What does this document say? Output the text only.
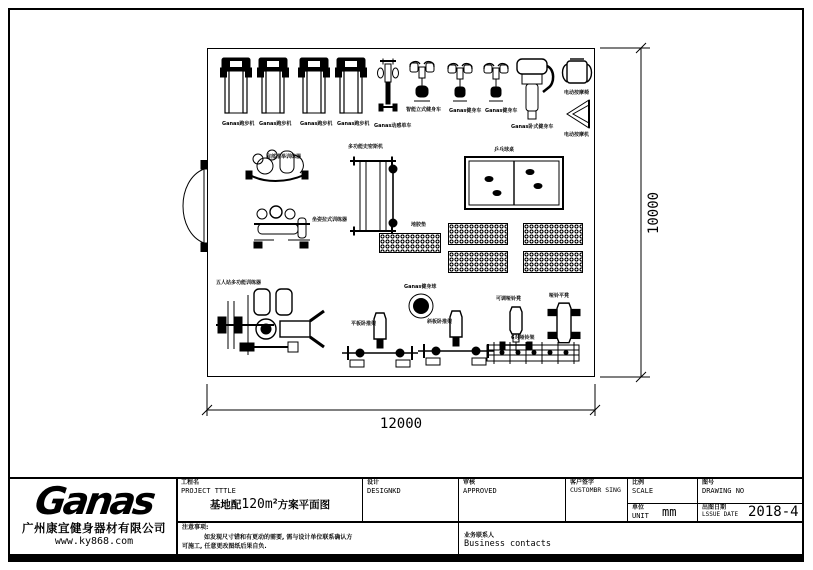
Ganas跑步机 Ganas跑步机 Ganas跑步机 Ganas跑步机 Ganas动感单车
智能立式健身车 Ganas健身车 Ganas健身车
Ganas卧式健身车
电动按摩椅
电动按摩机
肩部推举训练器
多功能史密斯机
坐姿拉式训练器
乒乓球桌
地胶垫
五人站多功能训练器
Ganas健身球
平板卧推架	斜板卧推架
可调哑铃凳	哑铃平凳
6对哑铃架
12000
10000
Ganas
广州康宜健身器材有限公司
www.ky868.com
工程名
PROJECT TTTLE
基地配$120m^2$方案平面图
设计
DESIGNKD
审核
APPROVED
客户签字
CUSTOMBR SING
比例
SCALE
单位
UNIT mm
图号
DRAWING NO
出图日期
LSSUE DATE 2018-4
注意事项:
如发现尺寸错和有更动的需要, 需与设计单位联系确认方
可施工, 任意更改图纸后果自负.
业务联系人
Business contacts
